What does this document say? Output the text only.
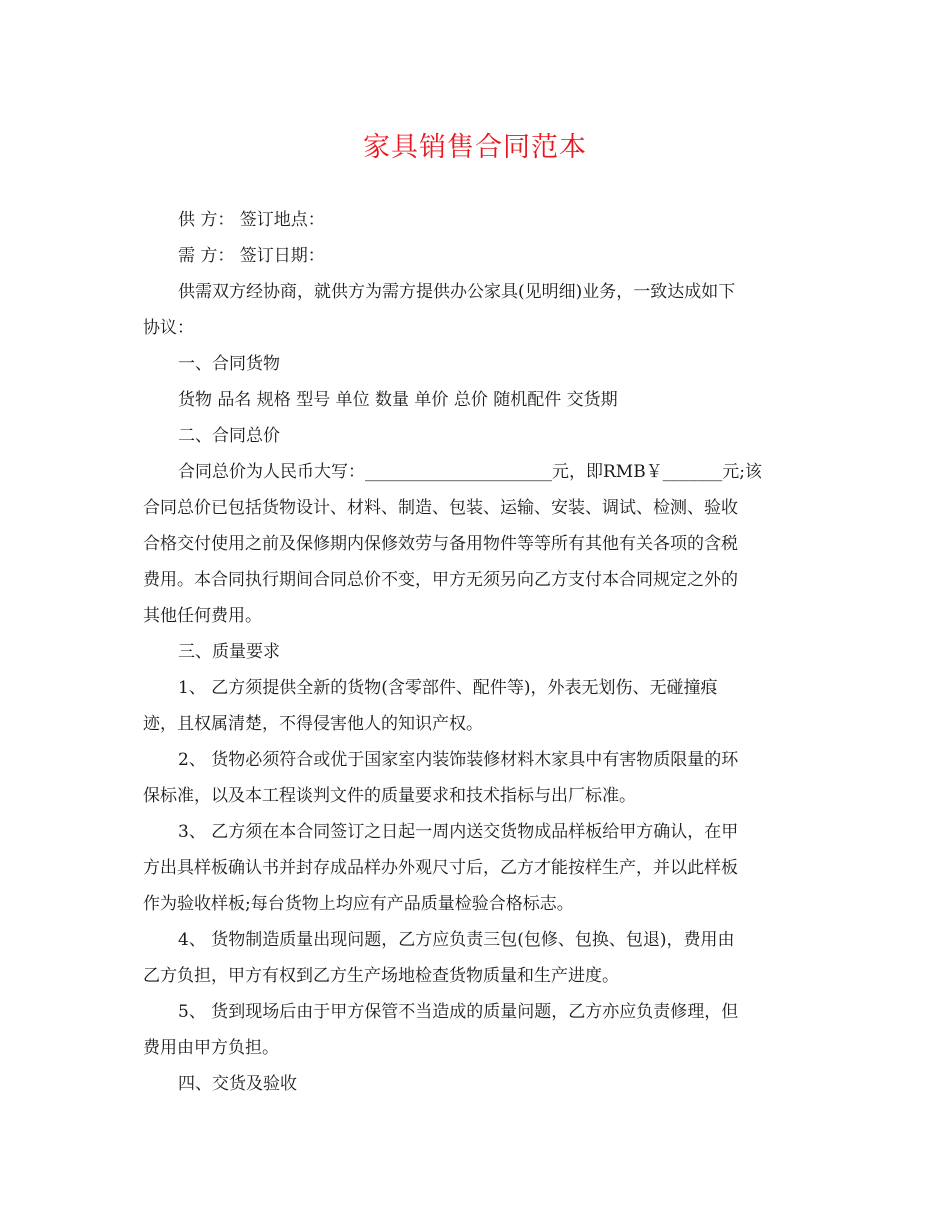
家具销售合同范本

供 方： 签订地点：

需 方： 签订日期：

供需双方经协商，就供方为需方提供办公家具(见明细)业务，一致达成如下

协议：

一、合同货物

货物 品名 规格 型号 单位 数量 单价 总价 随机配件 交货期

二、合同总价

合同总价为人民币大写：______________________元，即RMB￥_______元;该

合同总价已包括货物设计、材料、制造、包装、运输、安装、调试、检测、验收

合格交付使用之前及保修期内保修效劳与备用物件等等所有其他有关各项的含税

费用。本合同执行期间合同总价不变，甲方无须另向乙方支付本合同规定之外的

其他任何费用。

三、质量要求

1、 乙方须提供全新的货物(含零部件、配件等)，外表无划伤、无碰撞痕

迹，且权属清楚，不得侵害他人的知识产权。

2、 货物必须符合或优于国家室内装饰装修材料木家具中有害物质限量的环

保标准，以及本工程谈判文件的质量要求和技术指标与出厂标准。

3、 乙方须在本合同签订之日起一周内送交货物成品样板给甲方确认，在甲

方出具样板确认书并封存成品样办外观尺寸后，乙方才能按样生产，并以此样板

作为验收样板;每台货物上均应有产品质量检验合格标志。

4、 货物制造质量出现问题，乙方应负责三包(包修、包换、包退)，费用由

乙方负担，甲方有权到乙方生产场地检查货物质量和生产进度。

5、 货到现场后由于甲方保管不当造成的质量问题，乙方亦应负责修理，但

费用由甲方负担。

四、交货及验收
